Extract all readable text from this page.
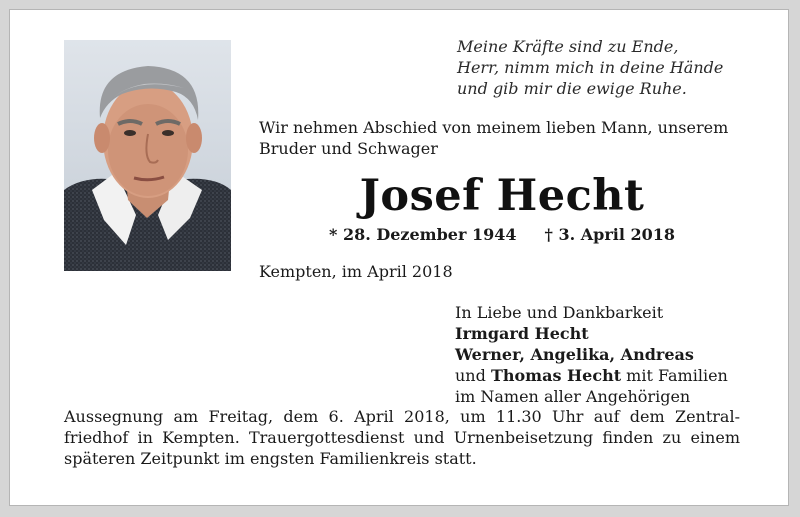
Meine Kräfte sind zu Ende,
Herr, nimm mich in deine Hände
und gib mir die ewige Ruhe.
Wir nehmen Abschied von meinem lieben Mann, unserem
Bruder und Schwager
Josef Hecht
* 28. Dezember 1944 † 3. April 2018
Kempten, im April 2018
In Liebe und Dankbarkeit
Irmgard Hecht
Werner, Angelika, Andreas
und Thomas Hecht mit Familien
im Namen aller Angehörigen
Aussegnung am Freitag, dem 6. April 2018, um 11.30 Uhr auf dem Zentral-
friedhof in Kempten. Trauergottesdienst und Urnenbeisetzung finden zu einem
späteren Zeitpunkt im engsten Familienkreis statt.
